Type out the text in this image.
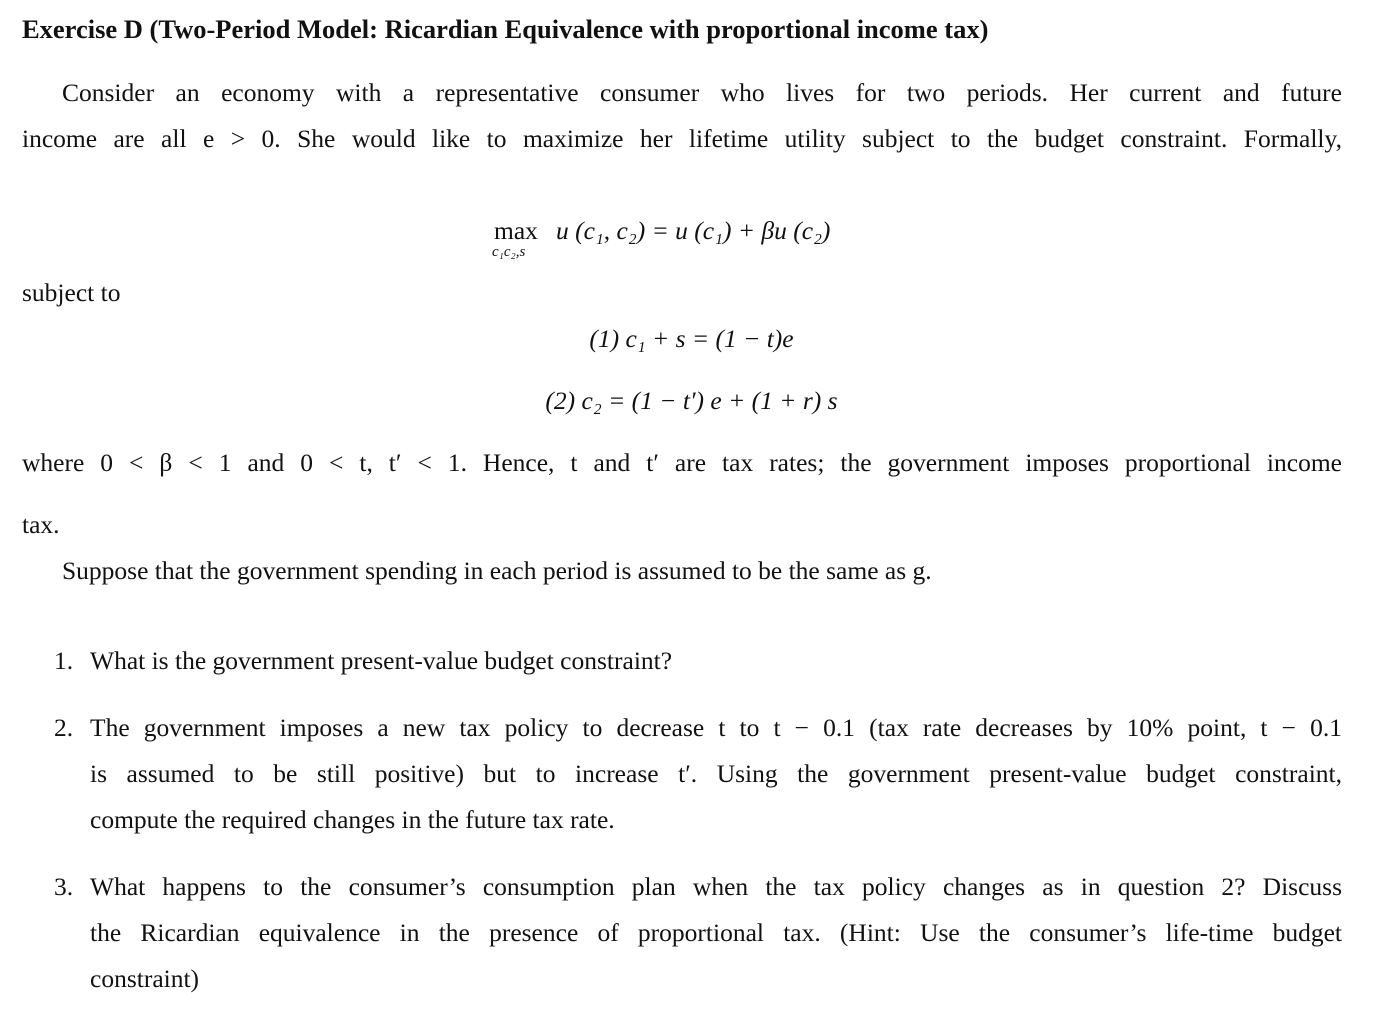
Exercise D (Two-Period Model: Ricardian Equivalence with proportional income tax)
Consider an economy with a representative consumer who lives for two periods. Her current and future
income are all e > 0. She would like to maximize her lifetime utility subject to the budget constraint. Formally,
max
c₁c₂,s
u (c₁, c₂) = u (c₁) + βu (c₂)
subject to
(1) c₁ + s = (1 − t)e
(2) c₂ = (1 − t′) e + (1 + r) s
where 0 < β < 1 and 0 < t, t′ < 1. Hence, t and t′ are tax rates; the government imposes proportional income
tax.
Suppose that the government spending in each period is assumed to be the same as g.
1. What is the government present-value budget constraint?
2. The government imposes a new tax policy to decrease t to t − 0.1 (tax rate decreases by 10% point, t − 0.1
is assumed to be still positive) but to increase t′. Using the government present-value budget constraint,
compute the required changes in the future tax rate.
3. What happens to the consumer’s consumption plan when the tax policy changes as in question 2? Discuss
the Ricardian equivalence in the presence of proportional tax. (Hint: Use the consumer’s life-time budget
constraint)
